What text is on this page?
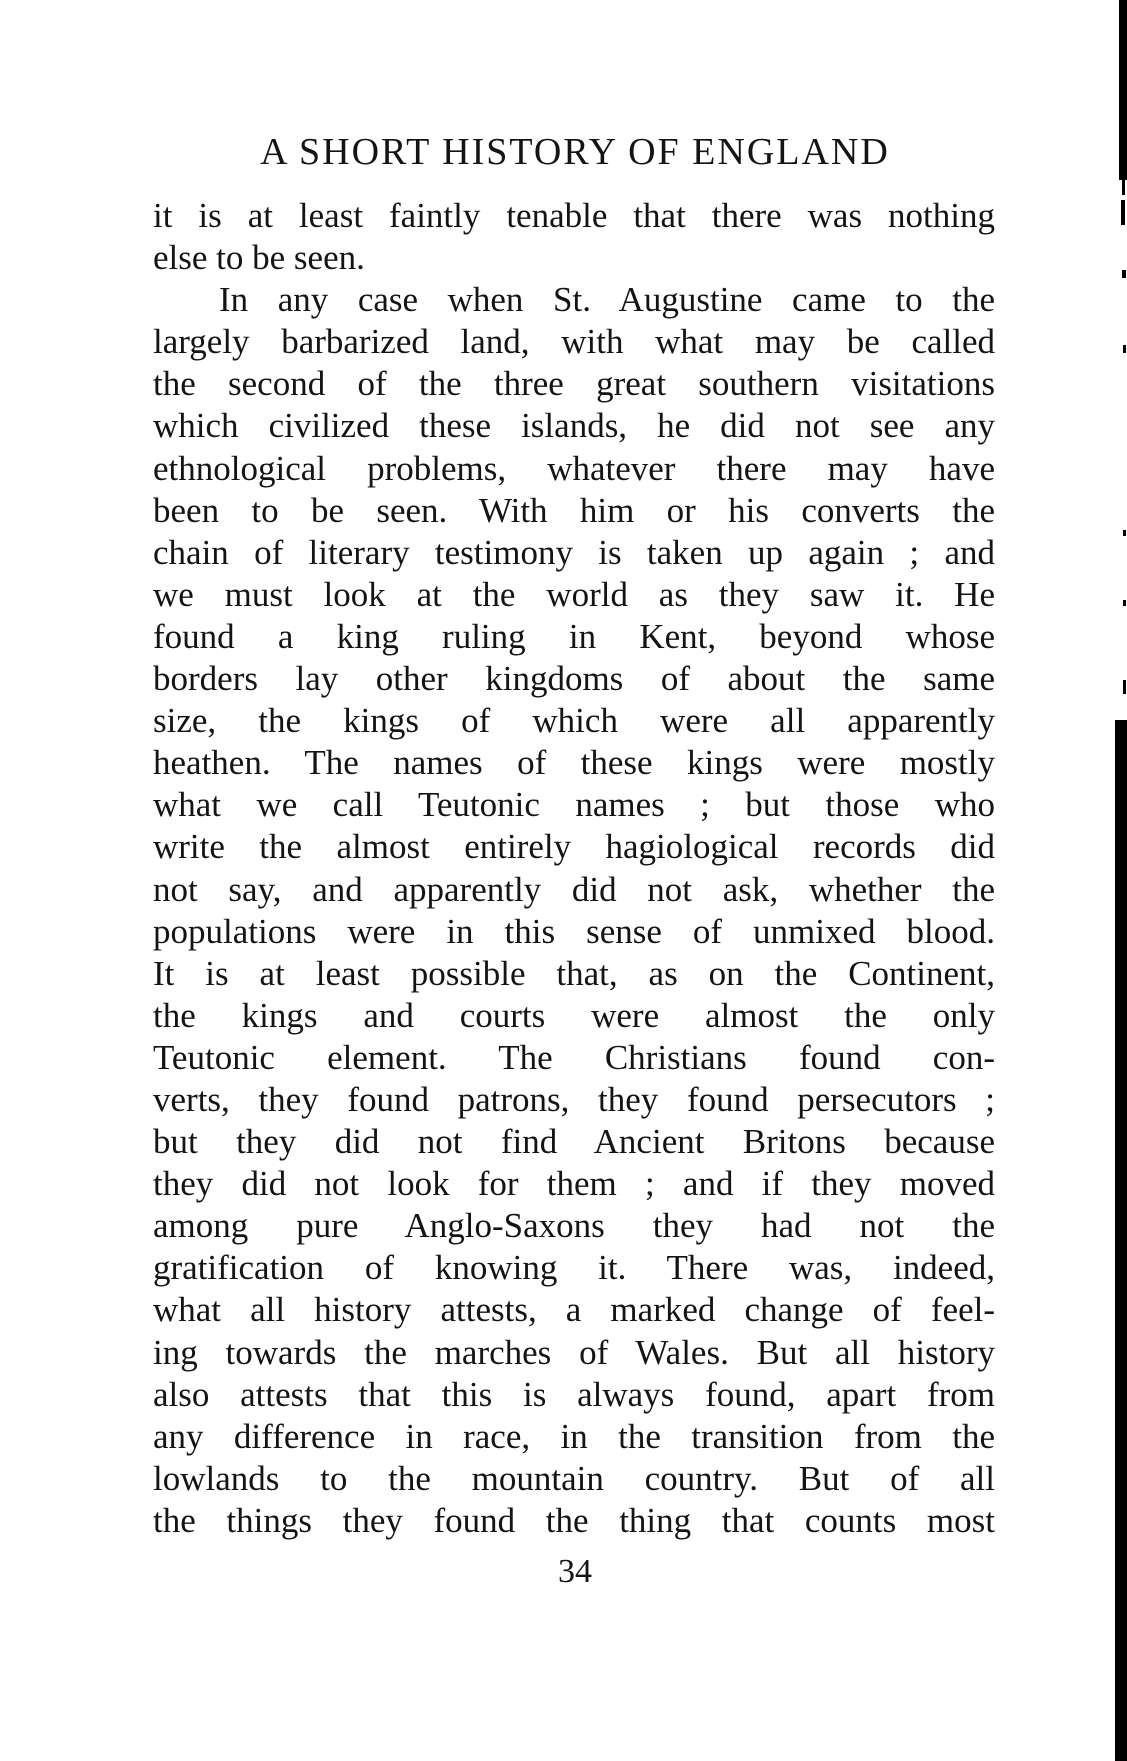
A SHORT HISTORY OF ENGLAND
it is at least faintly tenable that there was nothing
else to be seen.
In any case when St. Augustine came to the
largely barbarized land, with what may be called
the second of the three great southern visitations
which civilized these islands, he did not see any
ethnological problems, whatever there may have
been to be seen. With him or his converts the
chain of literary testimony is taken up again ; and
we must look at the world as they saw it. He
found a king ruling in Kent, beyond whose
borders lay other kingdoms of about the same
size, the kings of which were all apparently
heathen. The names of these kings were mostly
what we call Teutonic names ; but those who
write the almost entirely hagiological records did
not say, and apparently did not ask, whether the
populations were in this sense of unmixed blood.
It is at least possible that, as on the Continent,
the kings and courts were almost the only
Teutonic element. The Christians found con-
verts, they found patrons, they found persecutors ;
but they did not find Ancient Britons because
they did not look for them ; and if they moved
among pure Anglo-Saxons they had not the
gratification of knowing it. There was, indeed,
what all history attests, a marked change of feel-
ing towards the marches of Wales. But all history
also attests that this is always found, apart from
any difference in race, in the transition from the
lowlands to the mountain country. But of all
the things they found the thing that counts most
34
